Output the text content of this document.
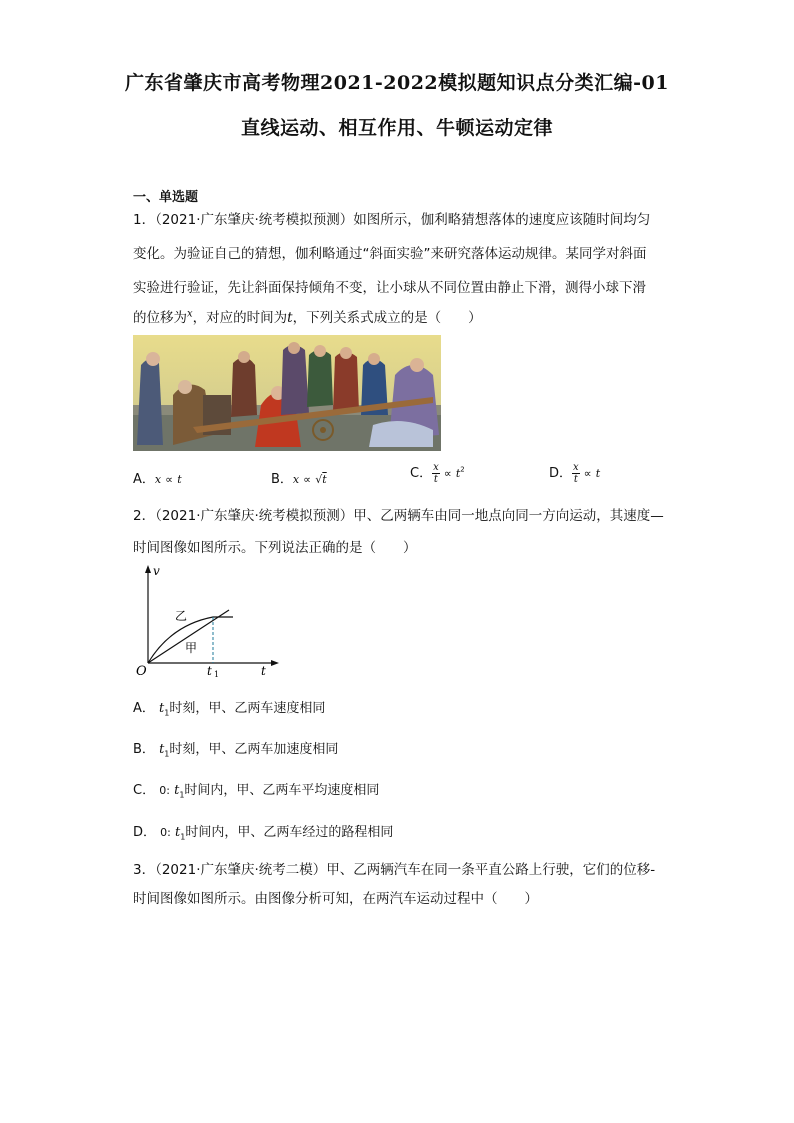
广东省肇庆市高考物理2021-2022模拟题知识点分类汇编-01
直线运动、相互作用、牛顿运动定律
一、单选题
1．（2021·广东肇庆·统考模拟预测）如图所示，伽利略猜想落体的速度应该随时间均匀
变化。为验证自己的猜想，伽利略通过“斜面实验”来研究落体运动规律。某同学对斜面
实验进行验证，先让斜面保持倾角不变，让小球从不同位置由静止下滑，测得小球下滑
的位移为$^x$，对应的时间为t，下列关系式成立的是（　　）
A．x ∝ t	B．x ∝ √t	C． $\frac{x}{t} \propto t^2$	D． $\frac{x}{t} \propto t$
2．（2021·广东肇庆·统考模拟预测）甲、乙两辆车由同一地点向同一方向运动，其速度—
时间图像如图所示。下列说法正确的是（　　）
v
t
O
乙
甲
t 1
A． $t_1$时刻，甲、乙两车速度相同
B． $t_1$时刻，甲、乙两车加速度相同
C． 0: $t_1$时间内，甲、乙两车平均速度相同
D． 0: $t_1$时间内，甲、乙两车经过的路程相同
3．（2021·广东肇庆·统考二模）甲、乙两辆汽车在同一条平直公路上行驶，它们的位移-
时间图像如图所示。由图像分析可知，在两汽车运动过程中（　　）
